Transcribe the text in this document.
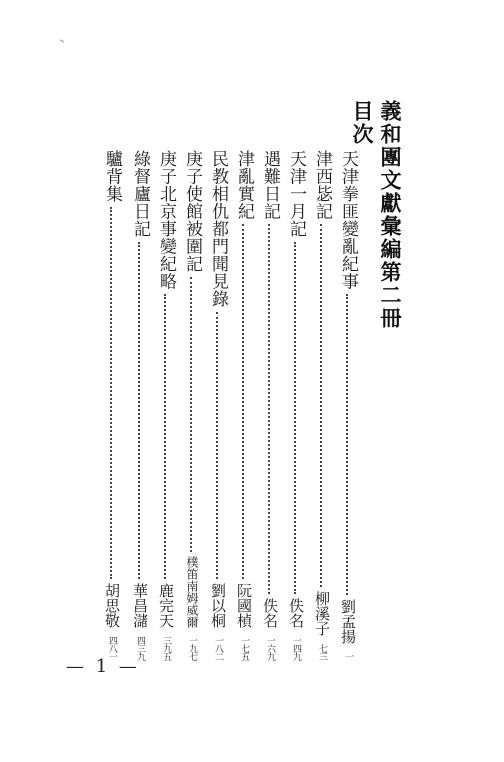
義和團文獻彙編第二冊目次
天津拳匪變亂紀事
劉孟揚
一
津西毖記
柳溪子
七三
天津一月記
佚名
一四九
遇難日記
佚名
一六九
津亂實紀
阮國楨
一七五
民教相仇都門聞見錄
劉以桐
一八二
庚子使館被圍記
樸笛南姆威爾
一九七
庚子北京事變紀略
鹿完天
三九五
綠督廬日記
華昌㶆
四三九
驢背集
胡思敬
四八一
— 1 —
